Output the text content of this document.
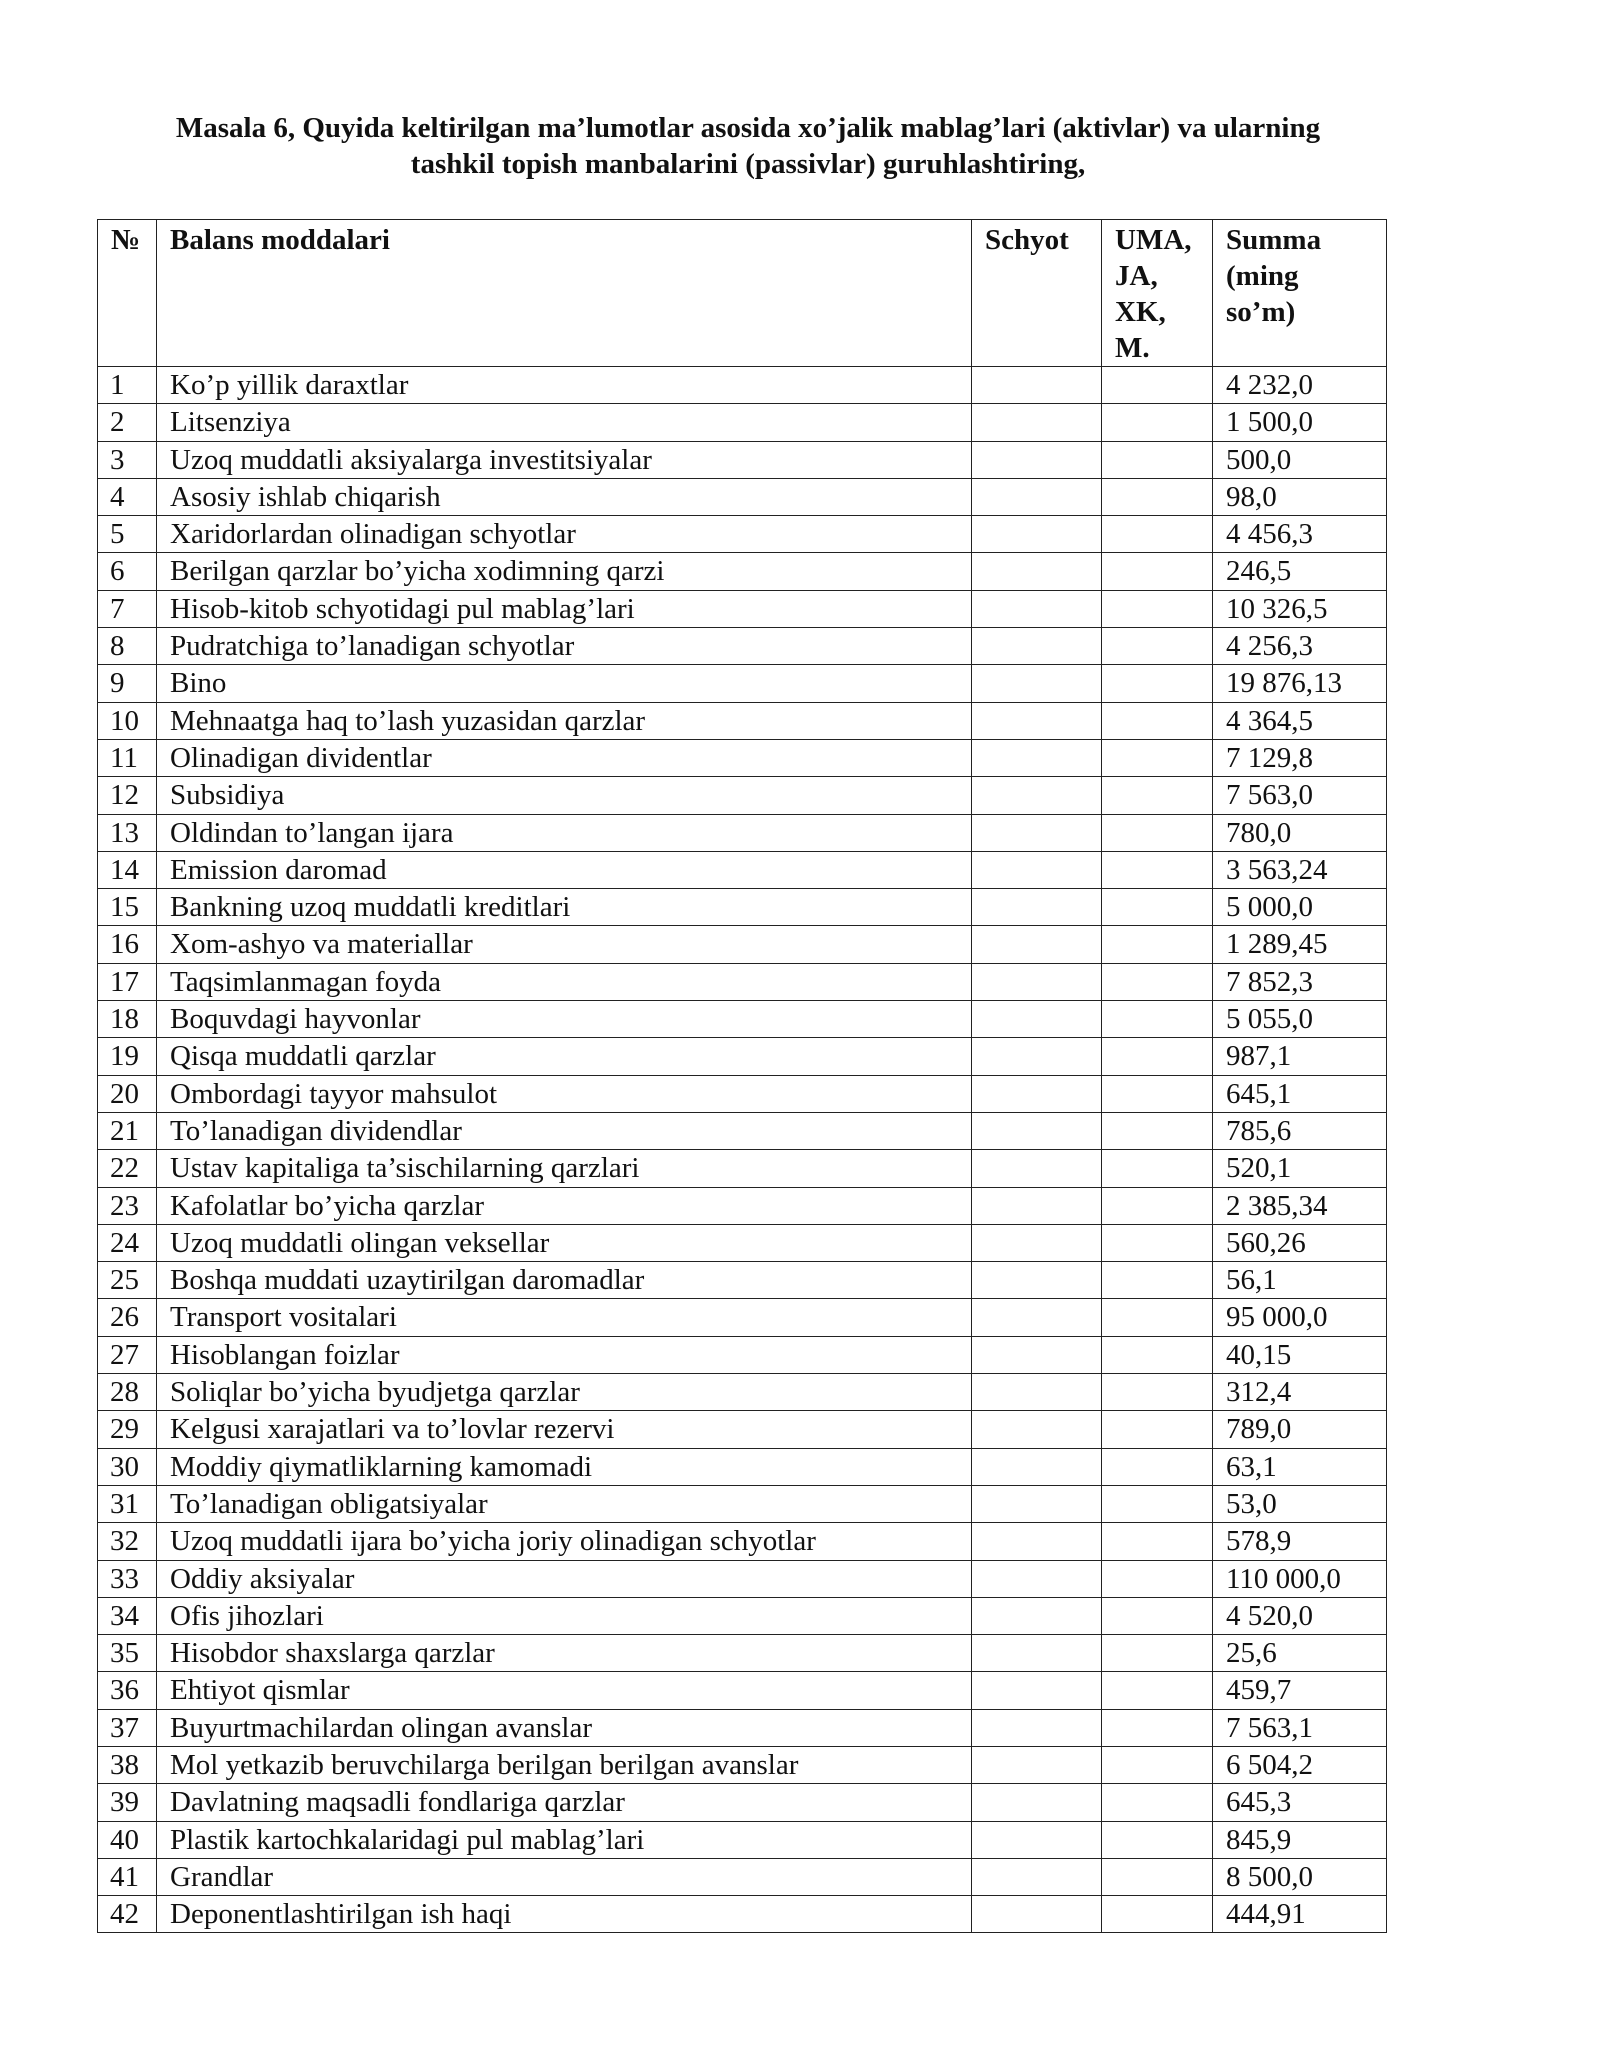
Masala 6, Quyida keltirilgan ma’lumotlar asosida xo’jalik mablag’lari (aktivlar) va ularning
tashkil topish manbalarini (passivlar) guruhlashtiring,
№	Balans moddalari	Schyot	UMA,
JA,
XK,
M.	Summa
(ming
so’m)

1	Ko’p yillik daraxtlar			4 232,0
2	Litsenziya			1 500,0
3	Uzoq muddatli aksiyalarga investitsiyalar			500,0
4	Asosiy ishlab chiqarish			98,0
5	Xaridorlardan olinadigan schyotlar			4 456,3
6	Berilgan qarzlar bo’yicha xodimning qarzi			246,5
7	Hisob-kitob schyotidagi pul mablag’lari			10 326,5
8	Pudratchiga to’lanadigan schyotlar			4 256,3
9	Bino			19 876,13
10	Mehnaatga haq to’lash yuzasidan qarzlar			4 364,5
11	Olinadigan dividentlar			7 129,8
12	Subsidiya			7 563,0
13	Oldindan to’langan ijara			780,0
14	Emission daromad			3 563,24
15	Bankning uzoq muddatli kreditlari			5 000,0
16	Xom-ashyo va materiallar			1 289,45
17	Taqsimlanmagan foyda			7 852,3
18	Boquvdagi hayvonlar			5 055,0
19	Qisqa muddatli qarzlar			987,1
20	Ombordagi tayyor mahsulot			645,1
21	To’lanadigan dividendlar			785,6
22	Ustav kapitaliga ta’sischilarning qarzlari			520,1
23	Kafolatlar bo’yicha qarzlar			2 385,34
24	Uzoq muddatli olingan veksellar			560,26
25	Boshqa muddati uzaytirilgan daromadlar			56,1
26	Transport vositalari			95 000,0
27	Hisoblangan foizlar			40,15
28	Soliqlar bo’yicha byudjetga qarzlar			312,4
29	Kelgusi xarajatlari va to’lovlar rezervi			789,0
30	Moddiy qiymatliklarning kamomadi			63,1
31	To’lanadigan obligatsiyalar			53,0
32	Uzoq muddatli ijara bo’yicha joriy olinadigan schyotlar			578,9
33	Oddiy aksiyalar			110 000,0
34	Ofis jihozlari			4 520,0
35	Hisobdor shaxslarga qarzlar			25,6
36	Ehtiyot qismlar			459,7
37	Buyurtmachilardan olingan avanslar			7 563,1
38	Mol yetkazib beruvchilarga berilgan berilgan avanslar			6 504,2
39	Davlatning maqsadli fondlariga qarzlar			645,3
40	Plastik kartochkalaridagi pul mablag’lari			845,9
41	Grandlar			8 500,0
42	Deponentlashtirilgan ish haqi			444,91
